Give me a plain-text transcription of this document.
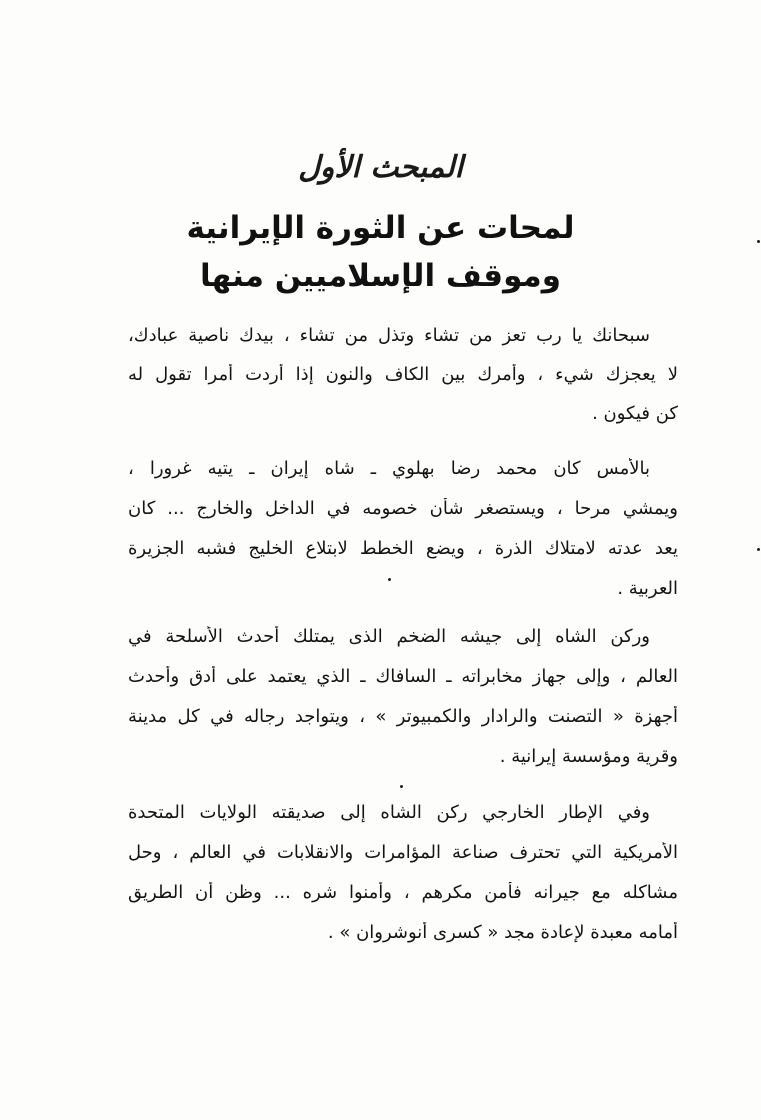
المبحث الأول
لمحات عن الثورة الإيرانية
وموقف الإسلاميين منها
سبحانك يا رب تعز من تشاء وتذل من تشاء ، بيدك ناصية عبادك،
لا يعجزك شيء ، وأمرك بين الكاف والنون إذا أردت أمرا تقول له
كن فيكون .
بالأمس كان محمد رضا بهلوي ـ شاه إيران ـ يتيه غرورا ،
ويمشي مرحا ، ويستصغر شأن خصومه في الداخل والخارج ... كان
يعد عدته لامتلاك الذرة ، ويضع الخطط لابتلاع الخليج فشبه الجزيرة
العربية .
وركن الشاه إلى جيشه الضخم الذى يمتلك أحدث الأسلحة في
العالم ، وإلى جهاز مخابراته ـ السافاك ـ الذي يعتمد على أدق وأحدث
أجهزة « التصنت والرادار والكمبيوتر » ، ويتواجد رجاله في كل مدينة
وقرية ومؤسسة إيرانية .
وفي الإطار الخارجي ركن الشاه إلى صديقته الولايات المتحدة
الأمريكية التي تحترف صناعة المؤامرات والانقلابات في العالم ، وحل
مشاكله مع جيرانه فأمن مكرهم ، وأمنوا شره ... وظن أن الطريق
أمامه معبدة لإعادة مجد « كسرى أنوشروان » .
